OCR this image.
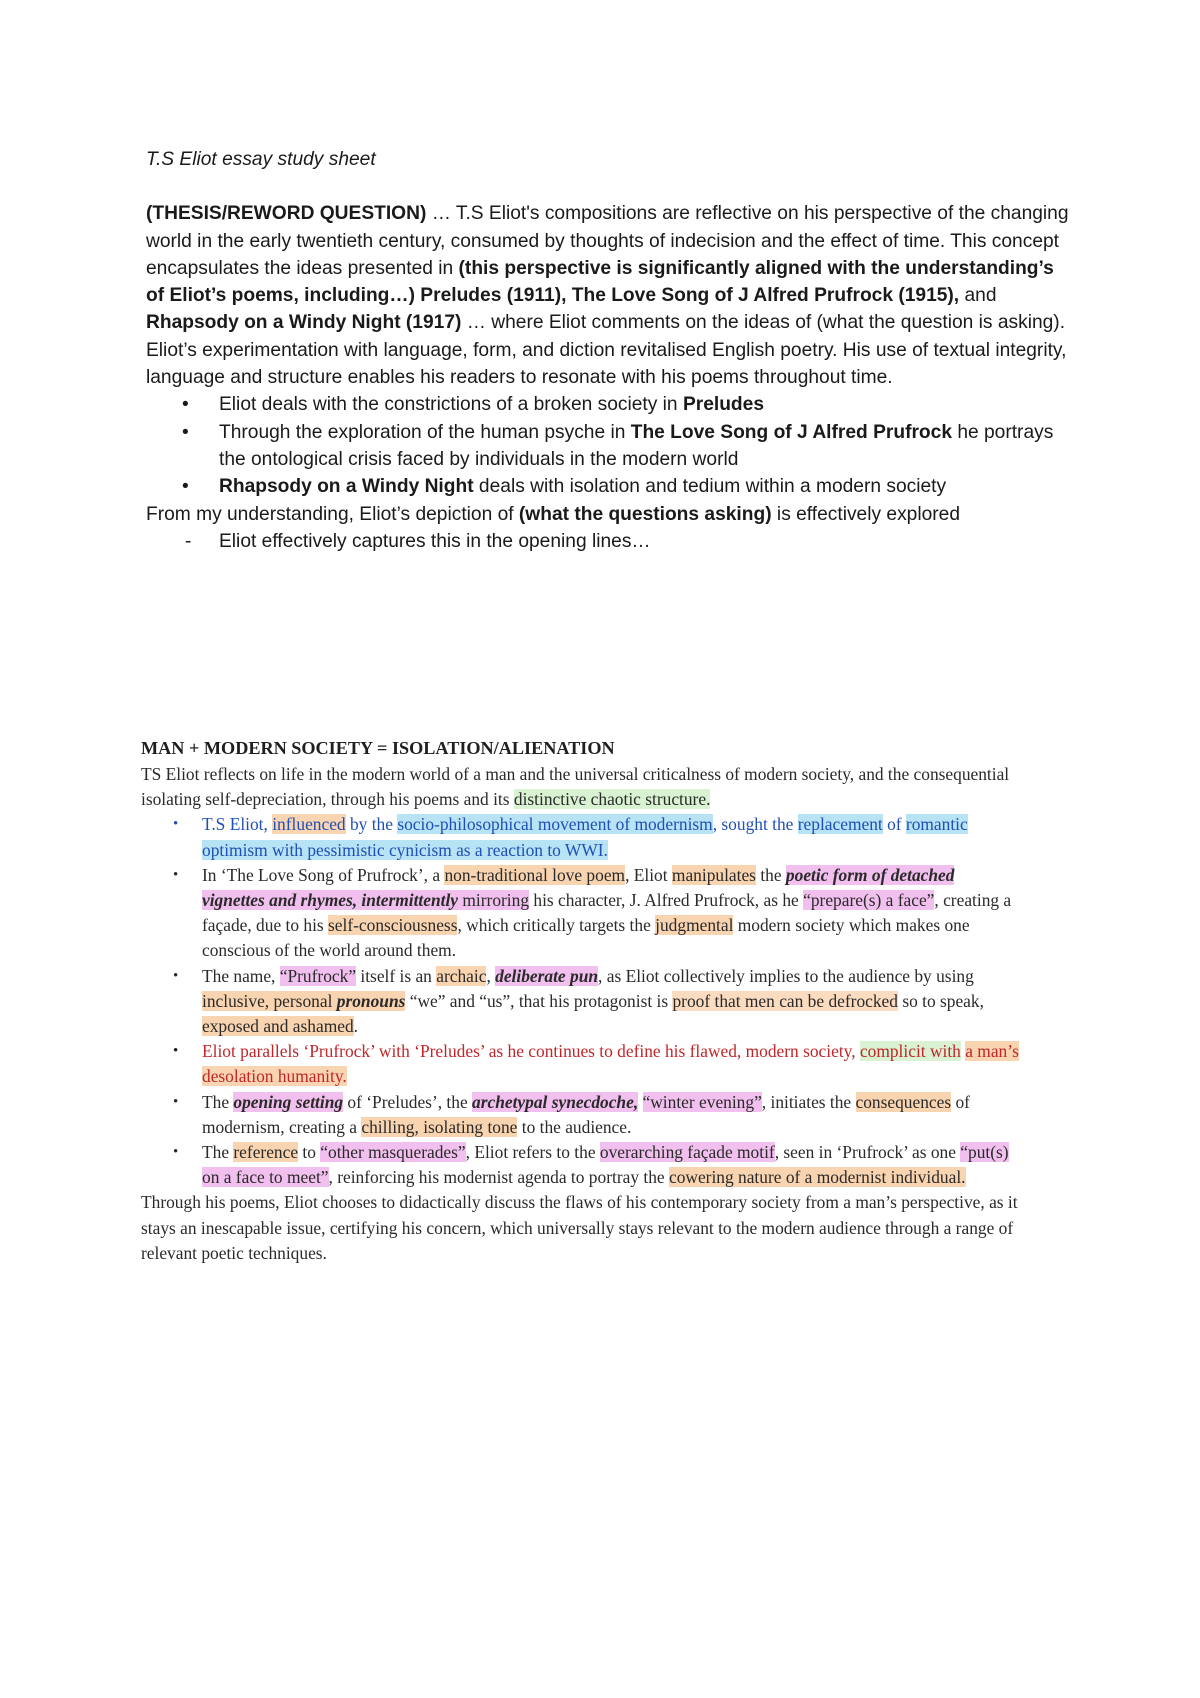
T.S Eliot essay study sheet

(THESIS/REWORD QUESTION) … T.S Eliot's compositions are reflective on his perspective of the changing world in the early twentieth century, consumed by thoughts of indecision and the effect of time. This concept encapsulates the ideas presented in (this perspective is significantly aligned with the understanding’s of Eliot’s poems, including…) Preludes (1911), The Love Song of J Alfred Prufrock (1915), and Rhapsody on a Windy Night (1917) … where Eliot comments on the ideas of (what the question is asking). Eliot’s experimentation with language, form, and diction revitalised English poetry. His use of textual integrity, language and structure enables his readers to resonate with his poems throughout time.

• Eliot deals with the constrictions of a broken society in Preludes
• Through the exploration of the human psyche in The Love Song of J Alfred Prufrock he portrays the ontological crisis faced by individuals in the modern world
• Rhapsody on a Windy Night deals with isolation and tedium within a modern society

From my understanding, Eliot’s depiction of (what the questions asking) is effectively explored

- Eliot effectively captures this in the opening lines…
MAN + MODERN SOCIETY = ISOLATION/ALIENATION

TS Eliot reflects on life in the modern world of a man and the universal criticalness of modern society, and the consequential isolating self-depreciation, through his poems and its distinctive chaotic structure.

• T.S Eliot, influenced by the socio-philosophical movement of modernism, sought the replacement of romantic optimism with pessimistic cynicism as a reaction to WWI.
• In ‘The Love Song of Prufrock’, a non-traditional love poem, Eliot manipulates the poetic form of detached vignettes and rhymes, intermittently mirroring his character, J. Alfred Prufrock, as he “prepare(s) a face”, creating a façade, due to his self-consciousness, which critically targets the judgmental modern society which makes one conscious of the world around them.
• The name, “Prufrock” itself is an archaic, deliberate pun, as Eliot collectively implies to the audience by using inclusive, personal pronouns “we” and “us”, that his protagonist is proof that men can be defrocked so to speak, exposed and ashamed.
• Eliot parallels ‘Prufrock’ with ‘Preludes’ as he continues to define his flawed, modern society, complicit with a man’s desolation humanity.
• The opening setting of ‘Preludes’, the archetypal synecdoche, “winter evening”, initiates the consequences of modernism, creating a chilling, isolating tone to the audience.
• The reference to “other masquerades”, Eliot refers to the overarching façade motif, seen in ‘Prufrock’ as one “put(s) on a face to meet”, reinforcing his modernist agenda to portray the cowering nature of a modernist individual.

Through his poems, Eliot chooses to didactically discuss the flaws of his contemporary society from a man’s perspective, as it stays an inescapable issue, certifying his concern, which universally stays relevant to the modern audience through a range of relevant poetic techniques.
